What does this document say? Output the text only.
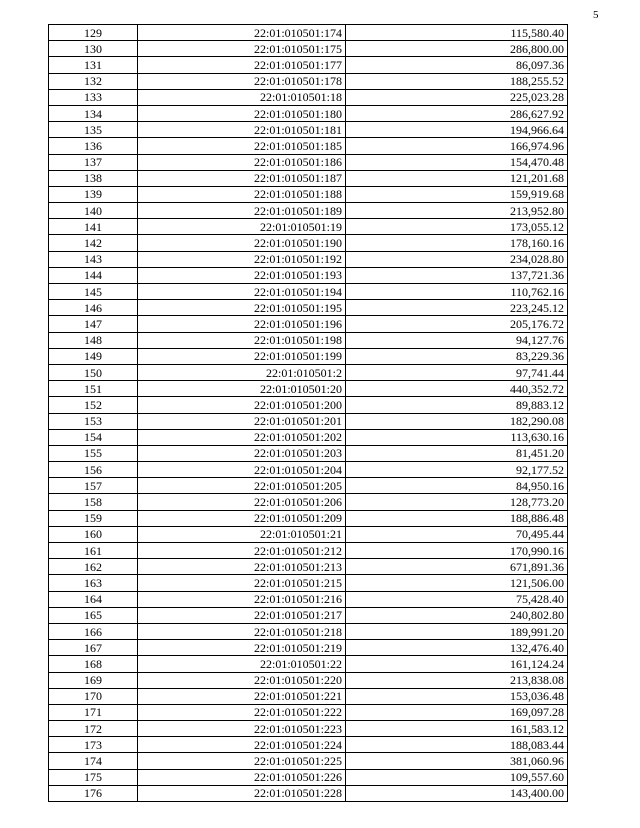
5
129	22:01:010501:174	115,580.40
130	22:01:010501:175	286,800.00
131	22:01:010501:177	86,097.36
132	22:01:010501:178	188,255.52
133	22:01:010501:18	225,023.28
134	22:01:010501:180	286,627.92
135	22:01:010501:181	194,966.64
136	22:01:010501:185	166,974.96
137	22:01:010501:186	154,470.48
138	22:01:010501:187	121,201.68
139	22:01:010501:188	159,919.68
140	22:01:010501:189	213,952.80
141	22:01:010501:19	173,055.12
142	22:01:010501:190	178,160.16
143	22:01:010501:192	234,028.80
144	22:01:010501:193	137,721.36
145	22:01:010501:194	110,762.16
146	22:01:010501:195	223,245.12
147	22:01:010501:196	205,176.72
148	22:01:010501:198	94,127.76
149	22:01:010501:199	83,229.36
150	22:01:010501:2	97,741.44
151	22:01:010501:20	440,352.72
152	22:01:010501:200	89,883.12
153	22:01:010501:201	182,290.08
154	22:01:010501:202	113,630.16
155	22:01:010501:203	81,451.20
156	22:01:010501:204	92,177.52
157	22:01:010501:205	84,950.16
158	22:01:010501:206	128,773.20
159	22:01:010501:209	188,886.48
160	22:01:010501:21	70,495.44
161	22:01:010501:212	170,990.16
162	22:01:010501:213	671,891.36
163	22:01:010501:215	121,506.00
164	22:01:010501:216	75,428.40
165	22:01:010501:217	240,802.80
166	22:01:010501:218	189,991.20
167	22:01:010501:219	132,476.40
168	22:01:010501:22	161,124.24
169	22:01:010501:220	213,838.08
170	22:01:010501:221	153,036.48
171	22:01:010501:222	169,097.28
172	22:01:010501:223	161,583.12
173	22:01:010501:224	188,083.44
174	22:01:010501:225	381,060.96
175	22:01:010501:226	109,557.60
176	22:01:010501:228	143,400.00
